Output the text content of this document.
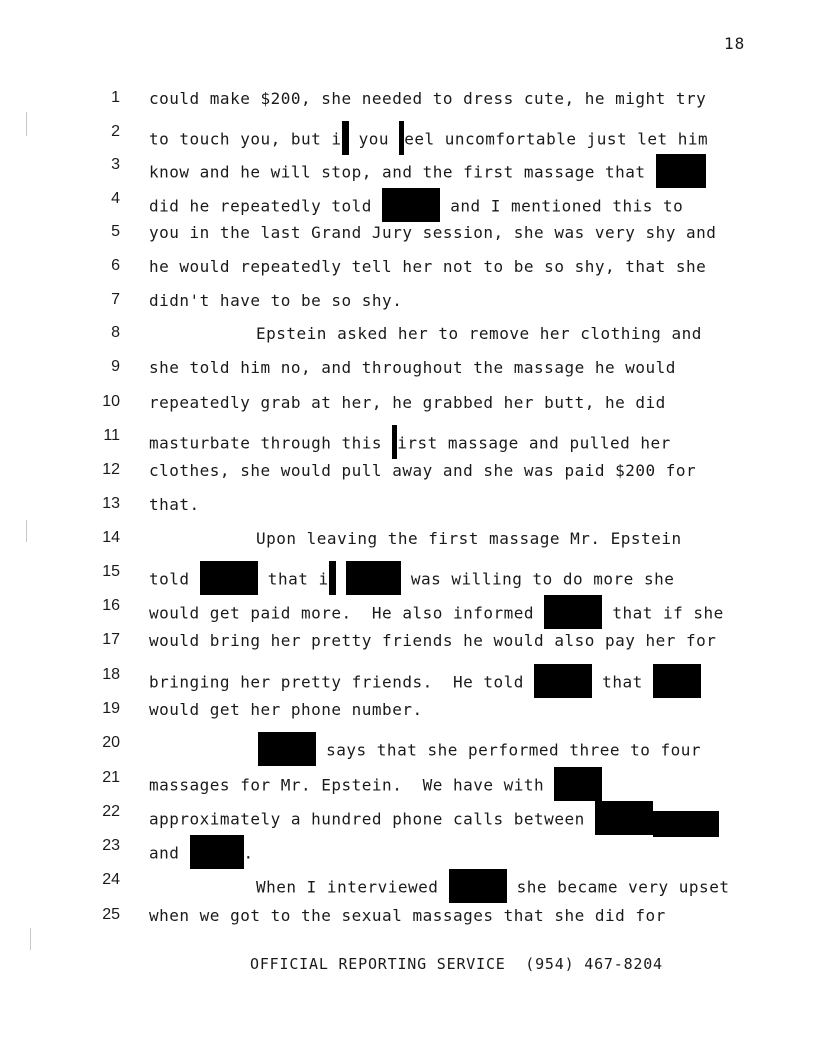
18
1 could make $200, she needed to dress cute, he might try
2 to touch you, but i you eel uncomfortable just let him
3 know and he will stop, and the first massage that
4 did he repeatedly told	and I mentioned this to
5 you in the last Grand Jury session, she was very shy and
6 he would repeatedly tell her not to be so shy, that she
7 didn't have to be so shy.
8	Epstein asked her to remove her clothing and
9 she told him no, and throughout the massage he would
10 repeatedly grab at her, he grabbed her butt, he did
11 masturbate through this irst massage and pulled her
12 clothes, she would pull away and she was paid $200 for
13 that.
14	Upon leaving the first massage Mr. Epstein
15 told	that i	was willing to do more she
16 would get paid more.  He also informed	that if she
17 would bring her pretty friends he would also pay her for
18 bringing her pretty friends.  He told	that
19 would get her phone number.
20	says that she performed three to four
21 massages for Mr. Epstein.  We have with
22 approximately a hundred phone calls between
23 and	.
24	When I interviewed	she became very upset
25 when we got to the sexual massages that she did for
OFFICIAL REPORTING SERVICE  (954) 467-8204
